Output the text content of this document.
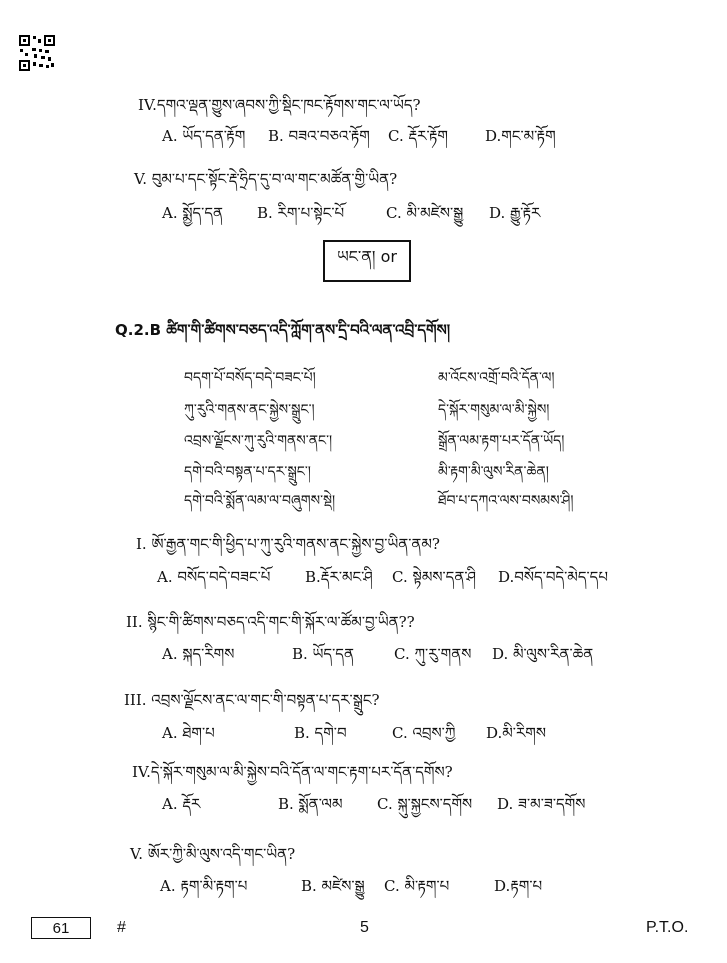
IV.དགའ་ལྡན་གྱུས་ཞབས་ཀྱི་སྡིང་ཁང་རྟོགས་གང་ལ་ཡོད?
A. ཡོད་དན་རྟོག B. བཟའ་བཅའ་རྟོག C. རྡོར་རྟོག D.གང་མ་རྟོག
V. བུམ་པ་དང་སྟོང་རྡེ་ཧྲིད་དུ་བ་ལ་གང་མཚོན་གྱི་ཡིན?
A. སྨྱོད་དན B. རིག་པ་སྟེང་པོ	C. མི་མཛེས་སྒྱུ D. རྒྱུ་རྟོར
ཡང་ན། or
Q.2.B ཚིག་གི་ཚིགས་བཅད་འདི་ཀློག་ནས་དྲི་བའི་ལན་འབྲི་དགོས།
བདག་པོ་བསོད་བདེ་བཟང་པོ།
ཀུ་རུའི་གནས་ནང་སྐྱེས་སྒྲུང་།
འབྲས་ལྗོངས་ཀུ་རུའི་གནས་ནང་།
དགེ་བའི་བསྟན་པ་དར་སྒྲུང་།
དགེ་བའི་སྨོན་ལམ་ལ་བཞུགས་སྡེ།
མ་འོངས་འགྲོ་བའི་དོན་ལ།
དེ་སྐོར་གསུམ་ལ་མི་སྐྱེས།
སྒྲོན་ལམ་རྟག་པར་དོན་ཡོད།
མི་རྟག་མི་ལུས་རིན་ཆེན།
ཐོབ་པ་དཀའ་ལས་བསམས་ཤི།
I. ཨོ་རྒྱན་གང་གི་ཕྱིད་པ་ཀུ་རུའི་གནས་ནང་སྐྱེས་བྱ་ཡིན་ནམ?
A. བསོད་བདེ་བཟང་པོ B.རྡོར་མང་ཤི C. སྟེམས་དན་ཤི D.བསོད་བདེ་མེད་དཔ
II. སྙིང་གི་ཚིགས་བཅད་འདི་གང་གི་སྐོར་ལ་ཚོམ་བྱ་ཡིན??
A. སྐད་རིགས	B. ཡོད་དན	C. ཀུ་རུ་གནས D. མི་ལུས་རིན་ཆེན
III. འབྲས་ལྗོངས་ནང་ལ་གང་གི་བསྟན་པ་དར་སྒྲུང?
A. ཐེག་པ	B. དགེ་བ	C. འབྲས་ཀྱི D.མི་རིགས
IV.དེ་སྐོར་གསུམ་ལ་མི་སྐྱེས་བའི་དོན་ལ་གང་རྟག་པར་དོན་དགོས?
A. རྡོར	B. སྨོན་ལམ C. སྐུ་སྐྱངས་དགོས D. ཟ་མ་ཟ་དགོས
V. ཨོར་ཀྱི་མི་ལུས་འདི་གང་ཡིན?
A. རྟག་མི་རྟག་པ	B. མཛེས་སྒྱུ C. མི་རྟག་པ	D.རྟག་པ
61	#	5	P.T.O.
